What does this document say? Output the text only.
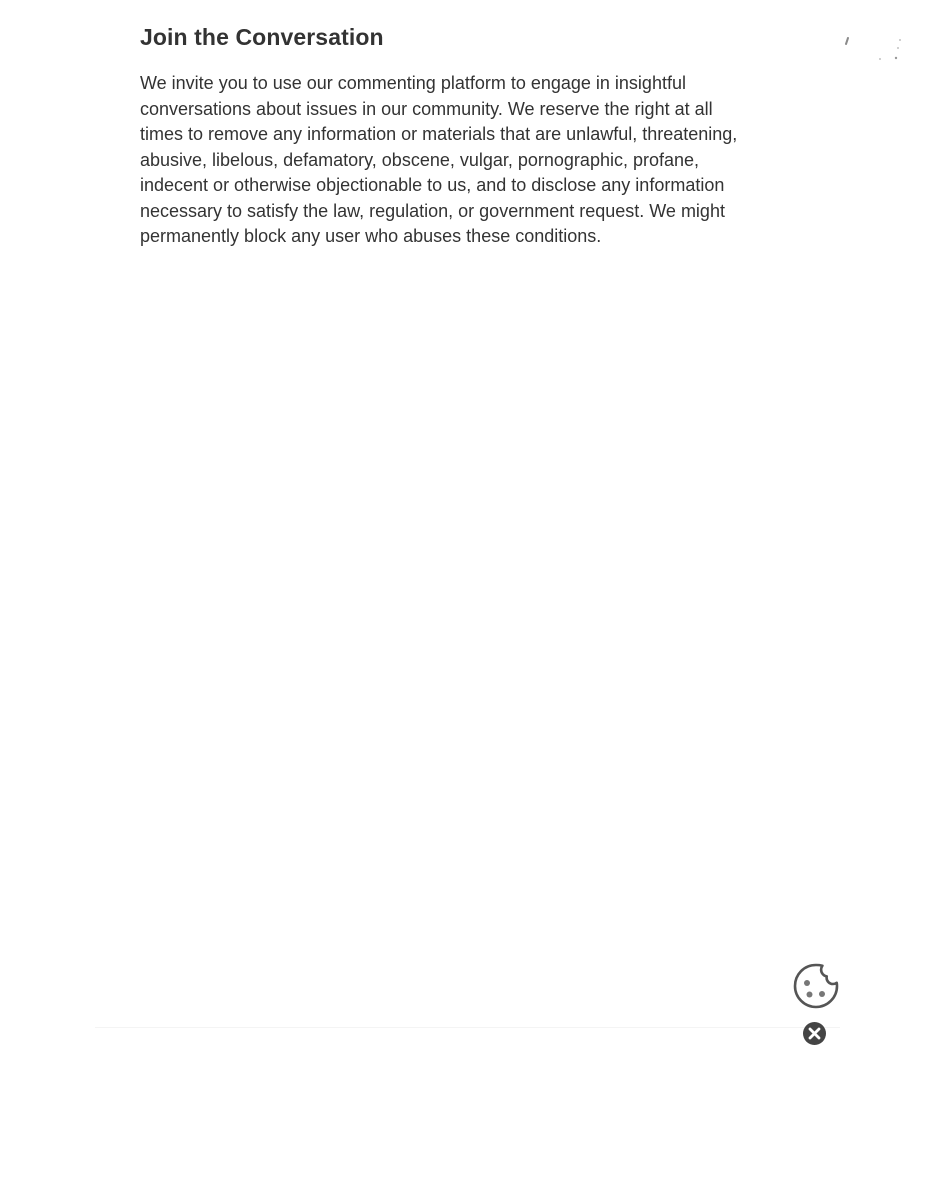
Join the Conversation

We invite you to use our commenting platform to engage in insightful conversations about issues in our community. We reserve the right at all times to remove any information or materials that are unlawful, threatening, abusive, libelous, defamatory, obscene, vulgar, pornographic, profane, indecent or otherwise objectionable to us, and to disclose any information necessary to satisfy the law, regulation, or government request. We might permanently block any user who abuses these conditions.
